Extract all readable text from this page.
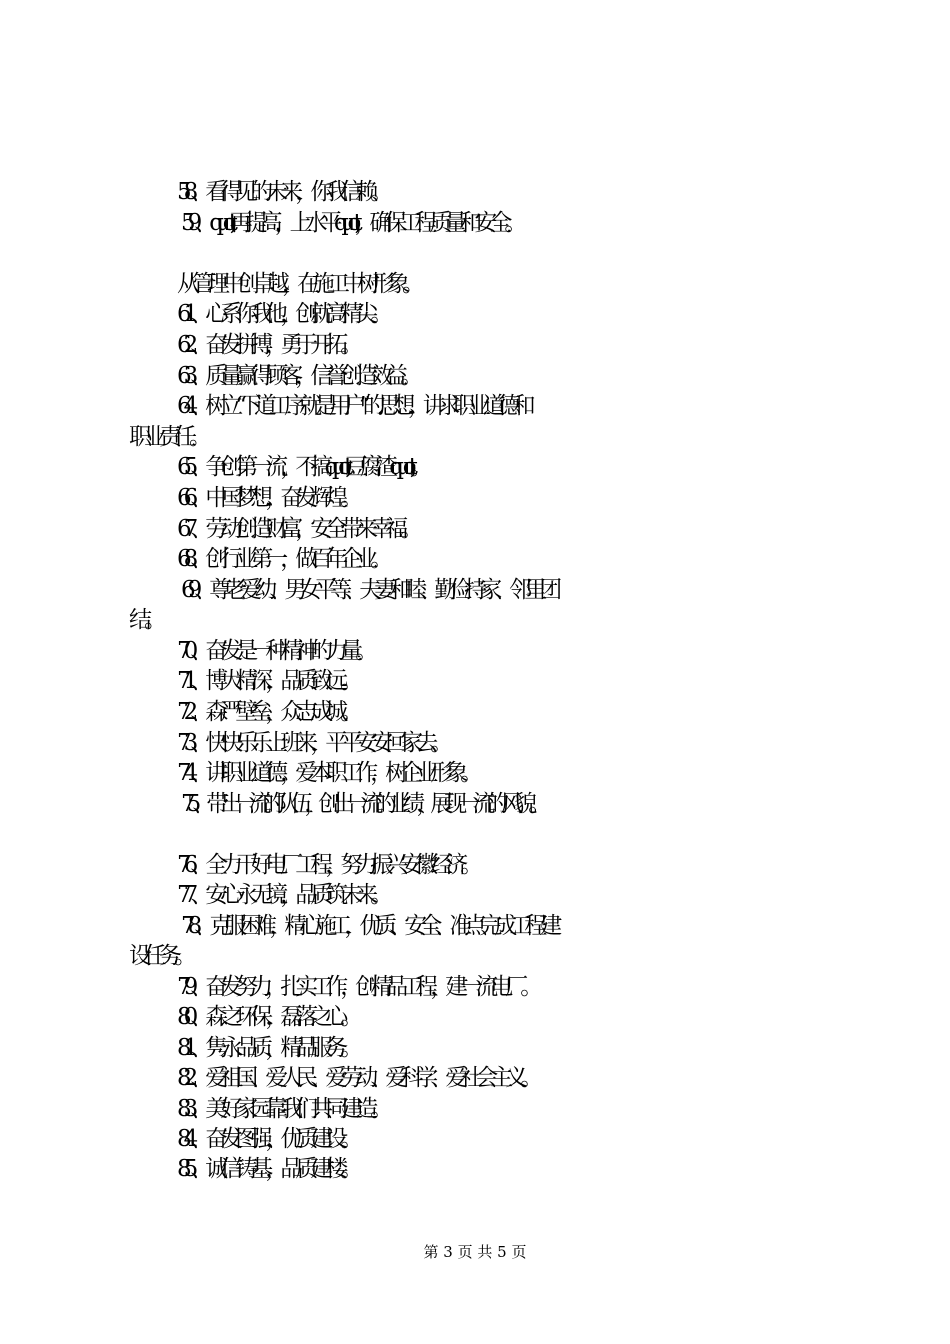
58、看得见的未来，你我信赖。
59、quot;再提高，上水平 quot;，确保工程质量和安全。
从管理中创卓越，在施工中树形象。
61、心系你我他，创就高精尖。
62、奋发拼搏，勇于开拓。
63、质量赢得顾客，信誉创造效益。
64、树立“下道工序就是用户”的思想，讲求职业道德和
职业责任。
65、争创第一流，不搞 quot;豆腐渣 quot;。
66、中国梦想，奋发辉煌。
67、劳动创造财富，安全带来幸福。
68、创行业第一，做百年企业。
69、尊老爱幼、男女平等、夫妻和睦、勤俭持家、邻里团
结。
70、奋发是一种精神的力量。
71、博大精深，品质致远。
72、森严壁垒，众志成城。
73、快快乐乐上班来，平平安安回家去。
74、讲职业道德，爱本职工作，树企业形象。
75、带出一流的队伍，创出一流的业绩，展现一流的风貌。
76、全力干好电厂工程，努力振兴安徽经济。
77、安心永无境，品质筑未来。
78、克服困难，精心施工，优质、安全、准点完成工程建
设任务。
79、奋发努力，扎实工作，创精品工程，建一流电厂。
80、森之环保，磊落之心。
81、隽永品质，精品服务。
82、爱祖国、爱人民、爱劳动、爱科学、爱社会主义。
83、美好家园靠我们共同建造。
84、奋发图强，优质建设。
85、诚信铸基，品质建楼。
第 3 页 共 5 页
